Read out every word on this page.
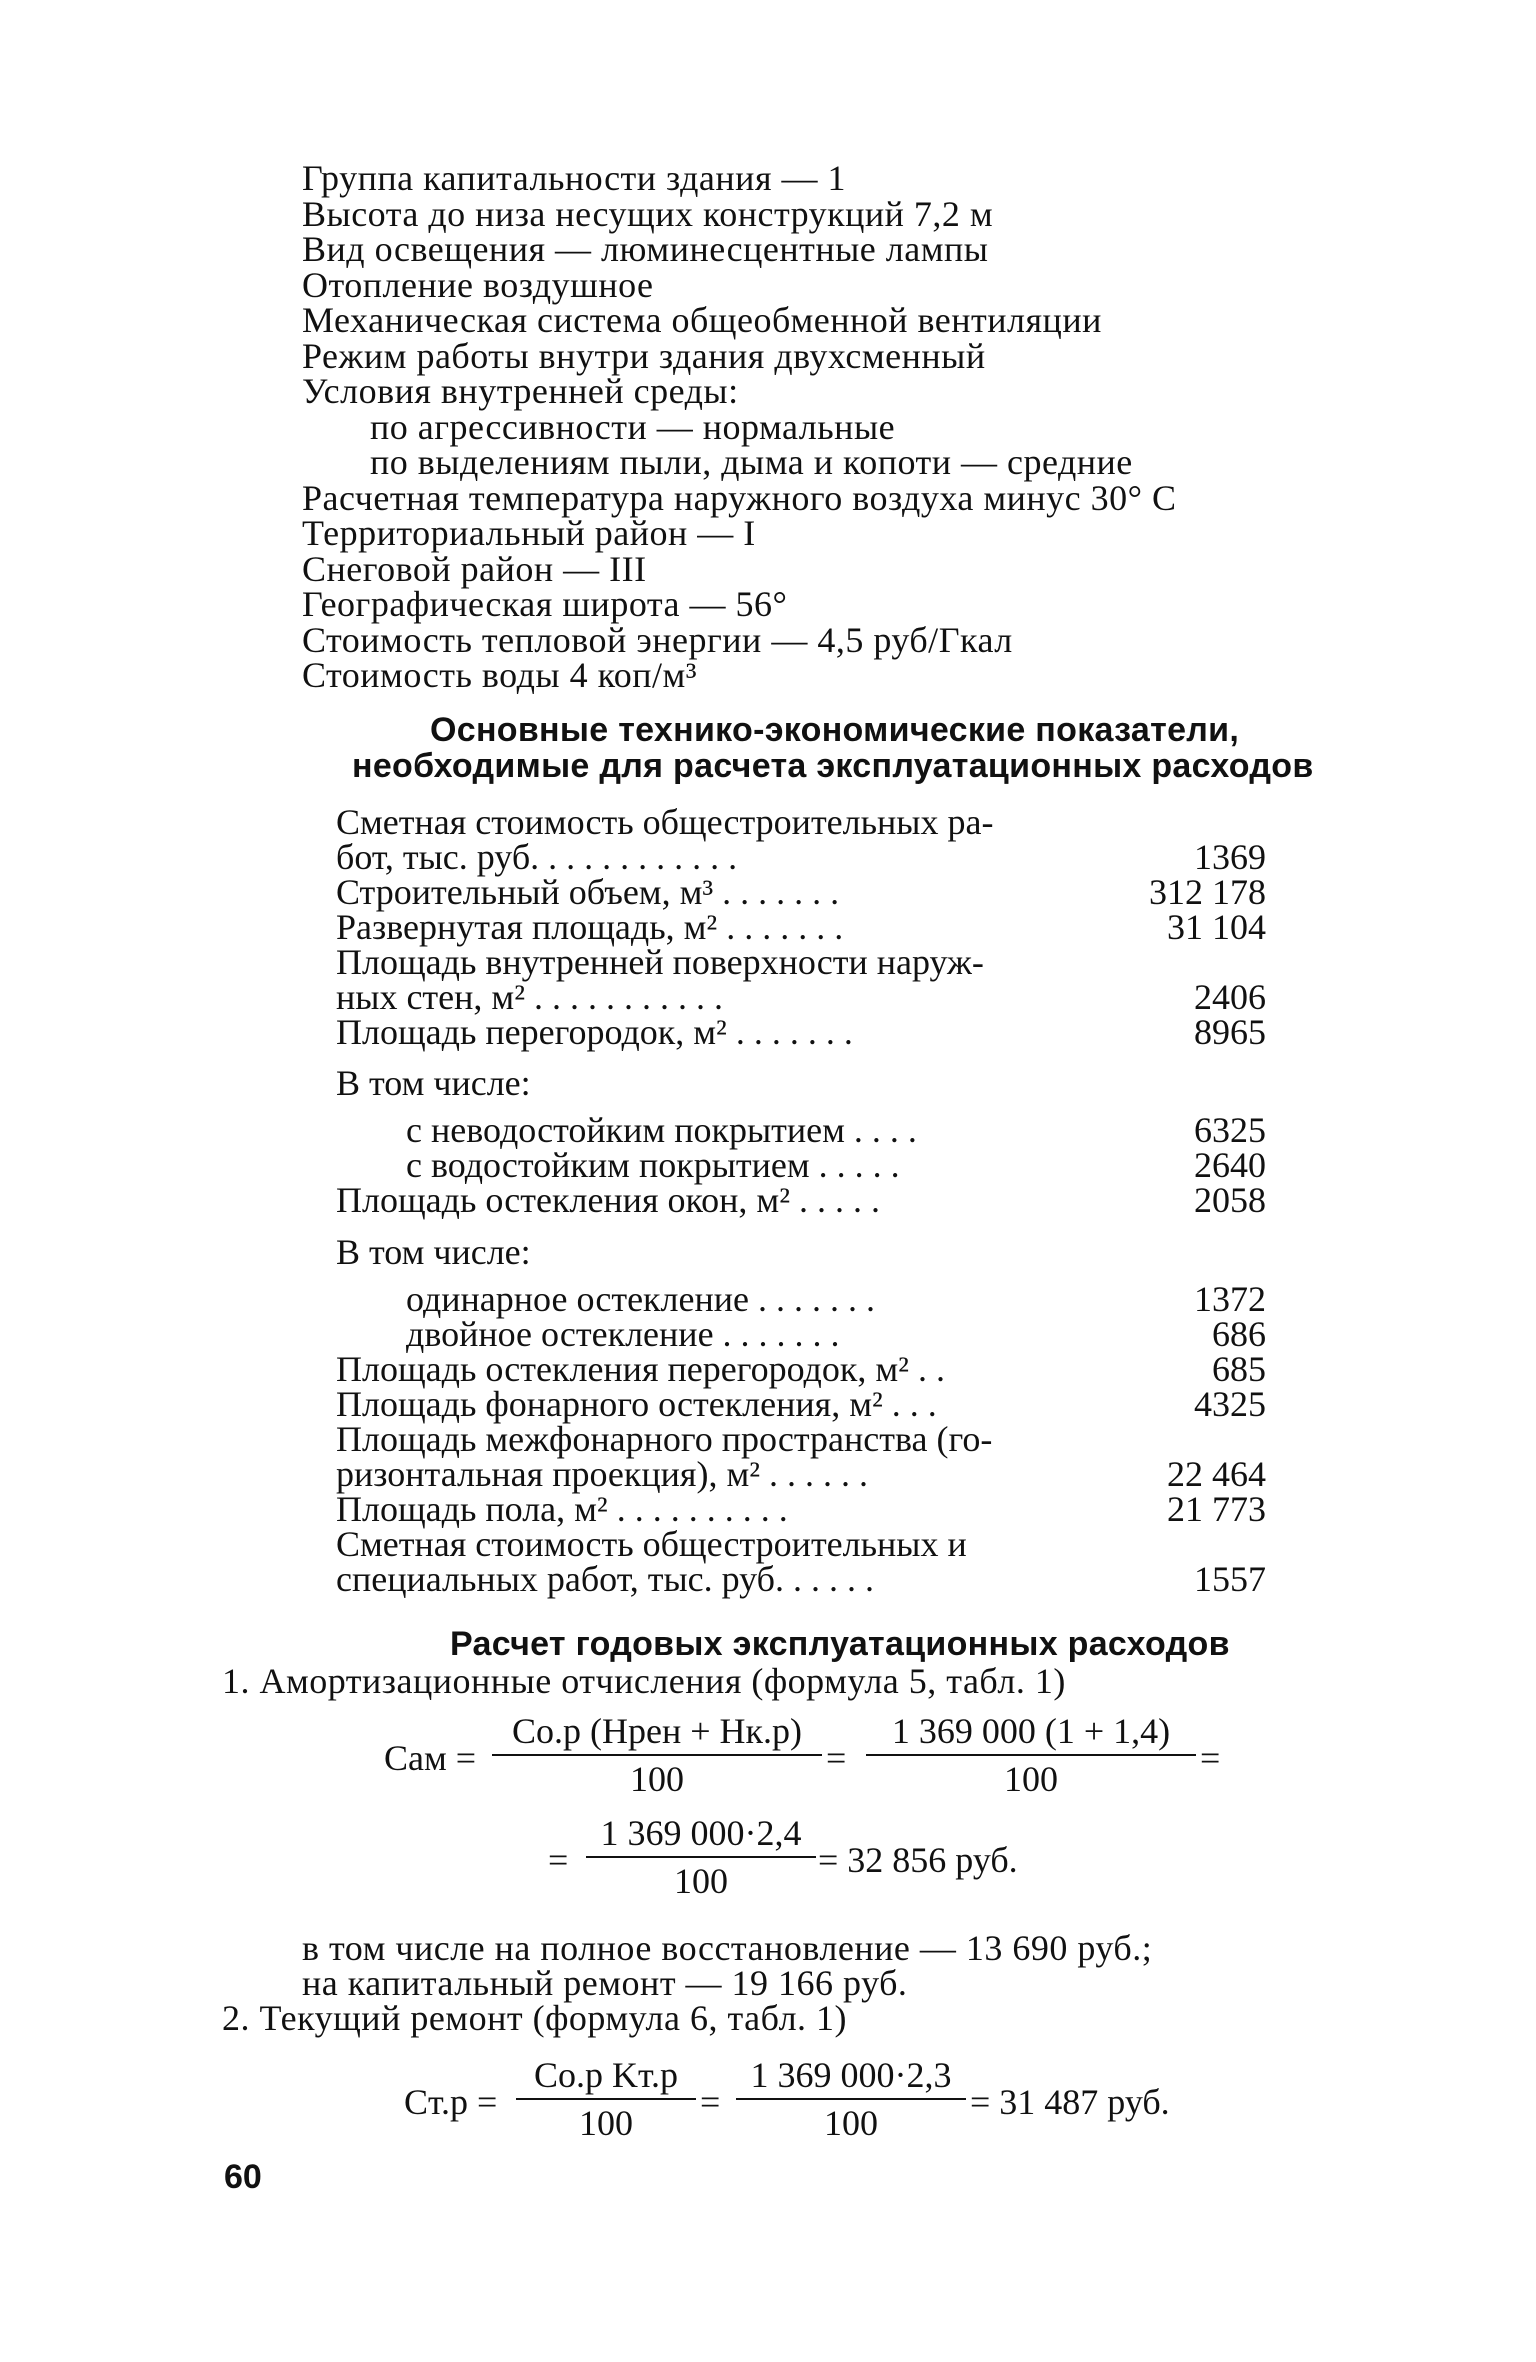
Группа капитальности здания — 1
Высота до низа несущих конструкций 7,2 м
Вид освещения — люминесцентные лампы
Отопление воздушное
Механическая система общеобменной вентиляции
Режим работы внутри здания двухсменный
Условия внутренней среды:
по агрессивности — нормальные
по выделениям пыли, дыма и копоти — средние
Расчетная температура наружного воздуха минус 30° С
Территориальный район — I
Снеговой район — III
Географическая широта — 56°
Стоимость тепловой энергии — 4,5 руб/Гкал
Стоимость воды 4 коп/м³
Основные технико-экономические показатели,
необходимые для расчета эксплуатационных расходов
Сметная стоимость общестроительных ра-
бот, тыс. руб. . . . . . . . . . . .	1369
Строительный объем, м³ . . . . . . .	312 178
Развернутая площадь, м² . . . . . . .	31 104
Площадь внутренней поверхности наруж-
ных стен, м² . . . . . . . . . . .	2406
Площадь перегородок, м² . . . . . . .	8965
В том числе:
с неводостойким покрытием . . . .	6325
с водостойким покрытием . . . . .	2640
Площадь остекления окон, м² . . . . .	2058
В том числе:
одинарное остекление . . . . . . .	1372
двойное остекление . . . . . . .	686
Площадь остекления перегородок, м² . .	685
Площадь фонарного остекления, м² . . .	4325
Площадь межфонарного пространства (го-
ризонтальная проекция), м² . . . . . .	22 464
Площадь пола, м² . . . . . . . . . .	21 773
Сметная стоимость общестроительных и
специальных работ, тыс. руб. . . . . .	1557
Расчет годовых эксплуатационных расходов
1. Амортизационные отчисления (формула 5, табл. 1)
Cам =
Cо.р (Hрен + Hк.р)
100
=
1 369 000 (1 + 1,4)
100
=
=
1 369 000·2,4
100
= 32 856 руб.
в том числе на полное восстановление — 13 690 руб.;
на капитальный ремонт — 19 166 руб.
2. Текущий ремонт (формула 6, табл. 1)
Cт.р =
Cо.р Kт.р
100
=
1 369 000·2,3
100
= 31 487 руб.
60
